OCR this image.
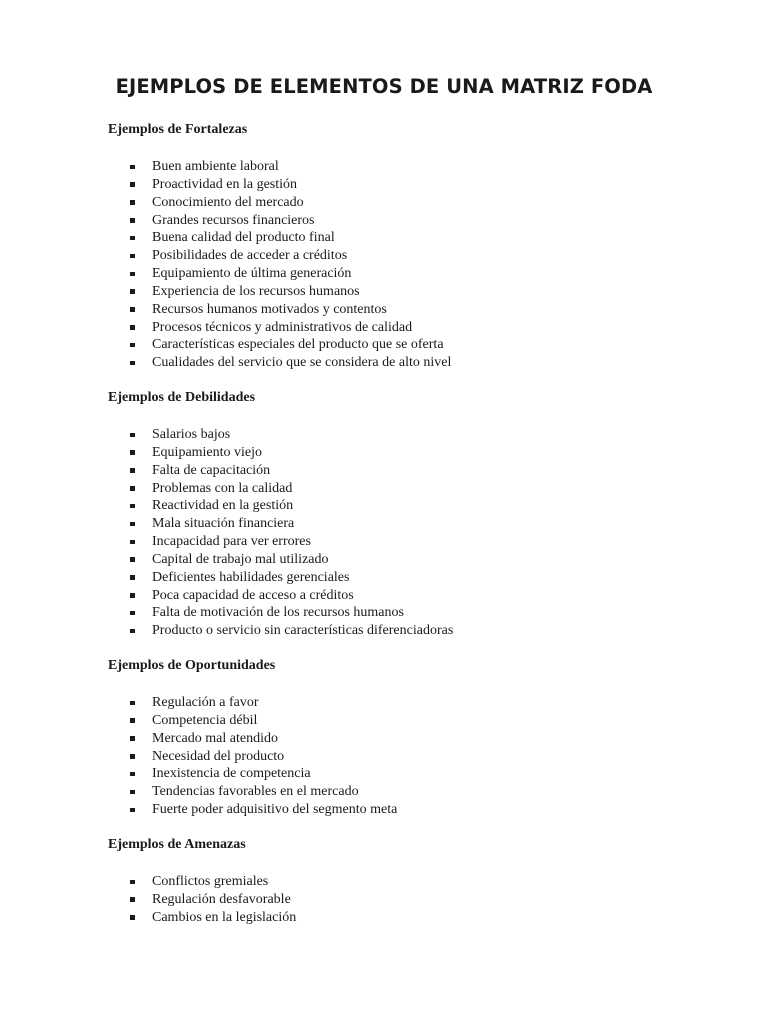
EJEMPLOS DE ELEMENTOS DE UNA MATRIZ FODA
Ejemplos de Fortalezas
Buen ambiente laboral
Proactividad en la gestión
Conocimiento del mercado
Grandes recursos financieros
Buena calidad del producto final
Posibilidades de acceder a créditos
Equipamiento de última generación
Experiencia de los recursos humanos
Recursos humanos motivados y contentos
Procesos técnicos y administrativos de calidad
Características especiales del producto que se oferta
Cualidades del servicio que se considera de alto nivel
Ejemplos de Debilidades
Salarios bajos
Equipamiento viejo
Falta de capacitación
Problemas con la calidad
Reactividad en la gestión
Mala situación financiera
Incapacidad para ver errores
Capital de trabajo mal utilizado
Deficientes habilidades gerenciales
Poca capacidad de acceso a créditos
Falta de motivación de los recursos humanos
Producto o servicio sin características diferenciadoras
Ejemplos de Oportunidades
Regulación a favor
Competencia débil
Mercado mal atendido
Necesidad del producto
Inexistencia de competencia
Tendencias favorables en el mercado
Fuerte poder adquisitivo del segmento meta
Ejemplos de Amenazas
Conflictos gremiales
Regulación desfavorable
Cambios en la legislación
